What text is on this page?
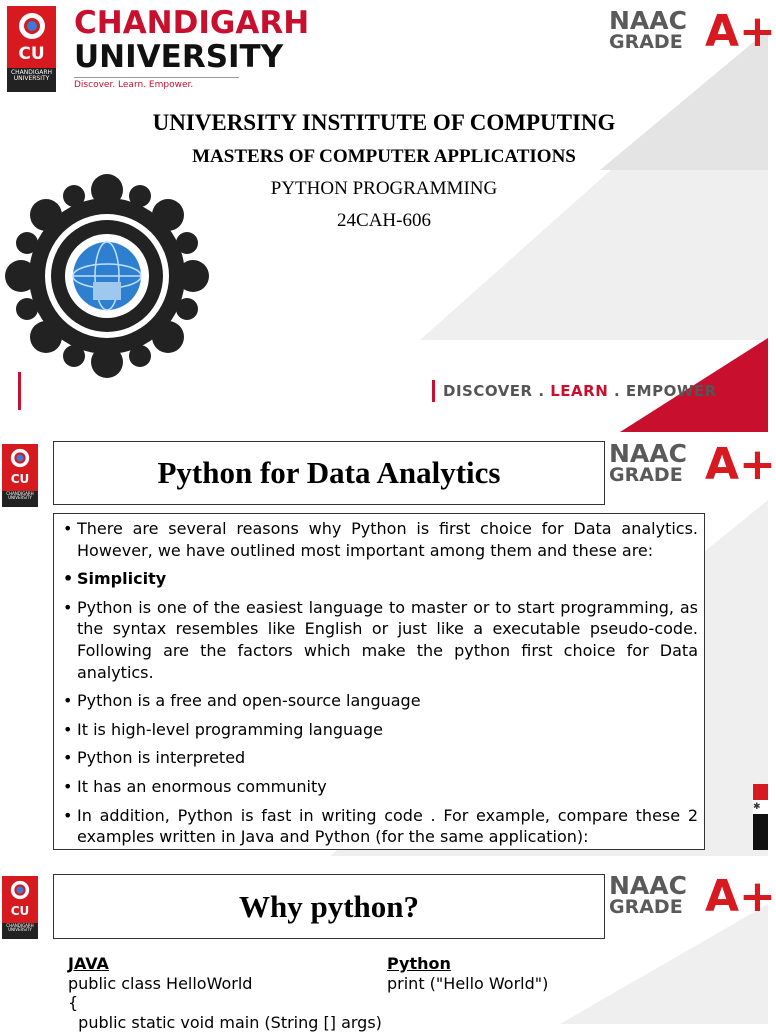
CU
CHANDIGARH UNIVERSITY
CHANDIGARH
UNIVERSITY
Discover. Learn. Empower.
NAAC
GRADE A+
UNIVERSITY INSTITUTE OF COMPUTING
MASTERS OF COMPUTER APPLICATIONS
PYTHON PROGRAMMING
24CAH-606
DISCOVER . LEARN . EMPOWER
CU
CHANDIGARH UNIVERSITY
Python for Data Analytics
NAAC
GRADE A+
• There are several reasons why Python is first choice for Data analytics. However, we have outlined most important among them and these are:
• Simplicity
• Python is one of the easiest language to master or to start programming, as the syntax resembles like English or just like a executable pseudo-code. Following are the factors which make the python first choice for Data analytics.
• Python is a free and open-source language
• It is high-level programming language
• Python is interpreted
• It has an enormous community
• In addition, Python is fast in writing code . For example, compare these 2 examples written in Java and Python (for the same application):
✱
CU
CHANDIGARH UNIVERSITY
Why python?
NAAC
GRADE A+
JAVA
public class HelloWorld
{
public static void main (String [] args)
Python
print ("Hello World")
